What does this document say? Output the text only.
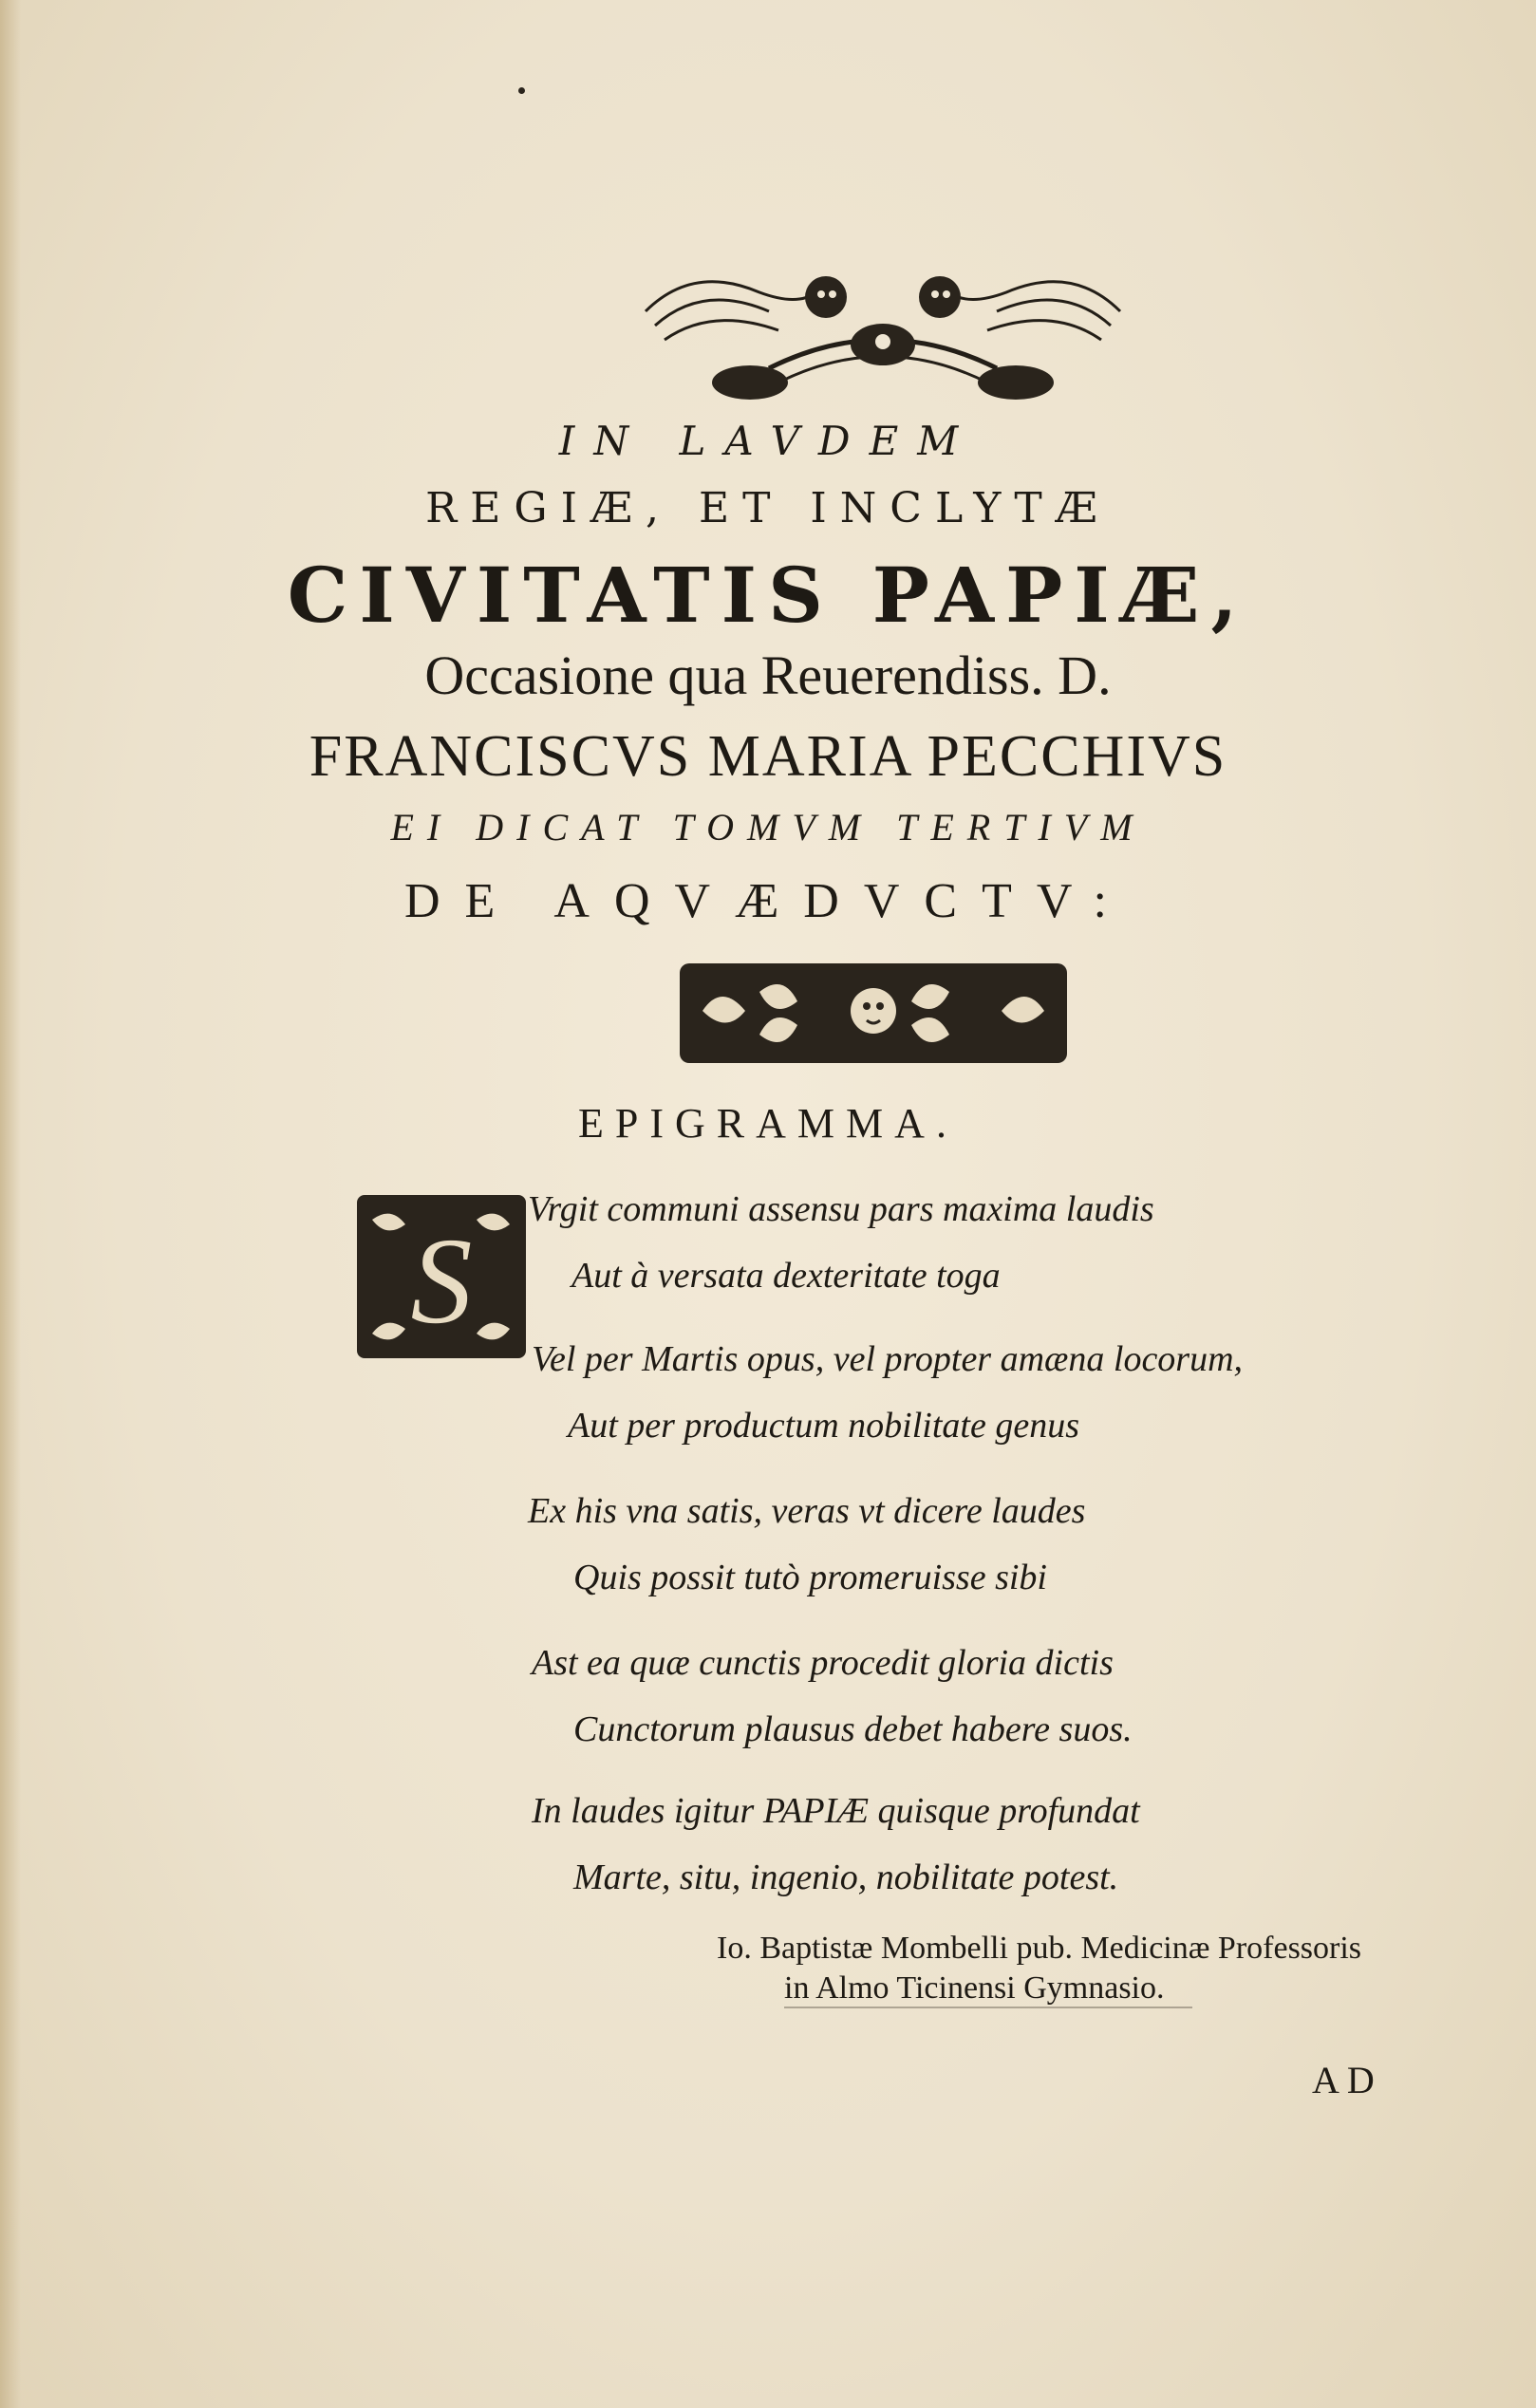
IN LAVDEM
REGIÆ, ET INCLYTÆ
CIVITATIS PAPIÆ,
Occasione qua Reuerendiss. D.
FRANCISCVS MARIA PECCHIVS
EI DICAT TOMVM TERTIVM
DE AQVÆDVCTV:
EPIGRAMMA.
S
Vrgit communi assensu pars maxima laudis
Aut à versata dexteritate toga
Vel per Martis opus, vel propter amæna locorum,
Aut per productum nobilitate genus
Ex his vna satis, veras vt dicere laudes
Quis possit tutò promeruisse sibi
Ast ea quæ cunctis procedit gloria dictis
Cunctorum plausus debet habere suos.
In laudes igitur PAPIÆ quisque profundat
Marte, situ, ingenio, nobilitate potest.
Io. Baptistæ Mombelli pub. Medicinæ Professoris
in Almo Ticinensi Gymnasio.
AD
